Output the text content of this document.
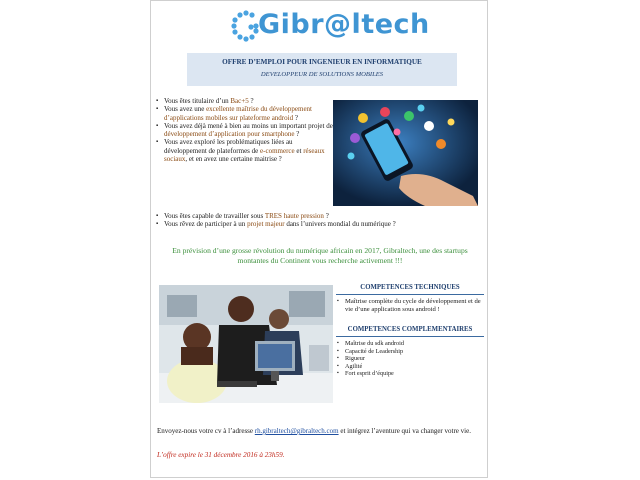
Gibr@ltech
OFFRE D’EMPLOI POUR INGENIEUR EN INFORMATIQUE
DEVELOPPEUR DE SOLUTIONS MOBILES
▪ Vous êtes titulaire d’un Bac+5 ?
▪ Vous avez une excellente maîtrise du développement d’applications mobiles sur plateforme android ?
▪ Vous avez déjà mené à bien au moins un important projet de développement d’application pour smartphone ?
▪ Vous avez exploré les problématiques liées au développement de plateformes de e-commerce et réseaux sociaux, et en avez une certaine maitrise ?
▪ Vous êtes capable de travailler sous TRES haute pression ?
▪ Vous rêvez de participer à un projet majeur dans l’univers mondial du numérique ?
En prévision d’une grosse révolution du numérique africain en 2017, Gibraltech, une des startups montantes du Continent vous recherche activement !!!
COMPETENCES TECHNIQUES
▪ Maîtrise complète du cycle de développement et de vie d’une application sous android !
COMPETENCES COMPLEMENTAIRES
▪ Maîtrise du sdk android
▪ Capacité de Leadership
▪ Rigueur
▪ Agilité
▪ Fort esprit d’équipe
Envoyez-nous votre cv à l’adresse rh.gibraltech@gibraltech.com et intégrez l’aventure qui va changer votre vie.
L’offre expire le 31 décembre 2016 à 23h59.
